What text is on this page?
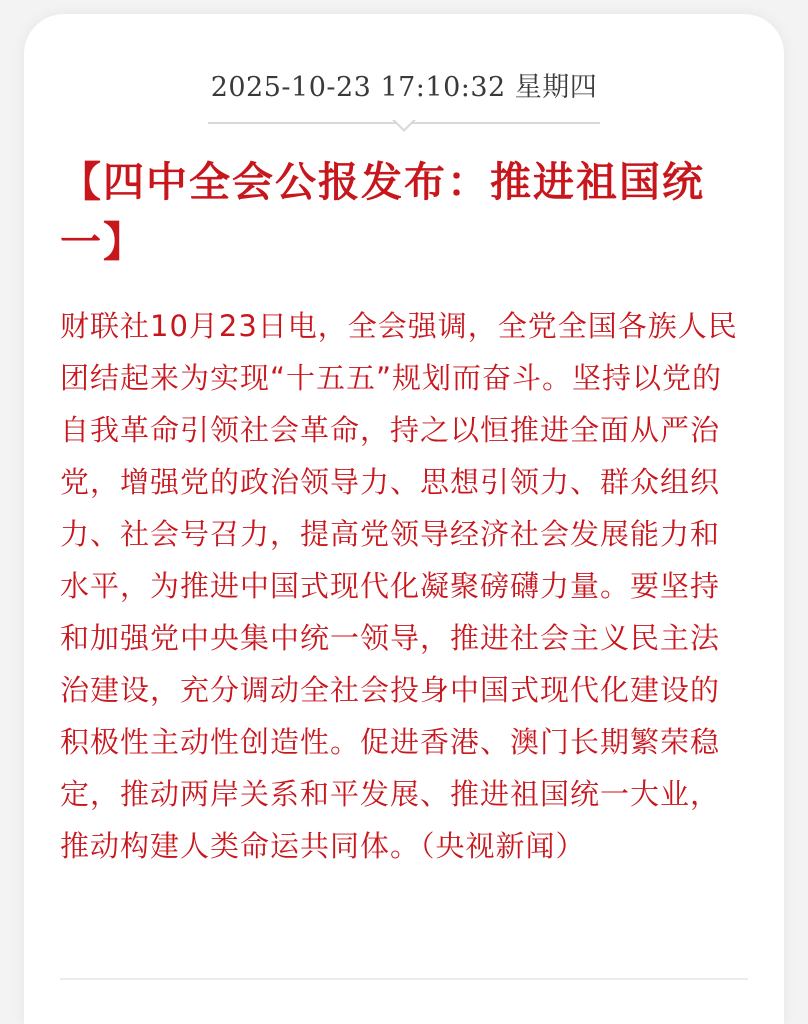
2025-10-23 17:10:32 星期四
【四中全会公报发布：推进祖国统一】
财联社10月23日电，全会强调，全党全国各族人民团结起来为实现“十五五”规划而奋斗。坚持以党的自我革命引领社会革命，持之以恒推进全面从严治党，增强党的政治领导力、思想引领力、群众组织力、社会号召力，提高党领导经济社会发展能力和水平，为推进中国式现代化凝聚磅礴力量。要坚持和加强党中央集中统一领导，推进社会主义民主法治建设，充分调动全社会投身中国式现代化建设的积极性主动性创造性。促进香港、澳门长期繁荣稳定，推动两岸关系和平发展、推进祖国统一大业，推动构建人类命运共同体。（央视新闻）
